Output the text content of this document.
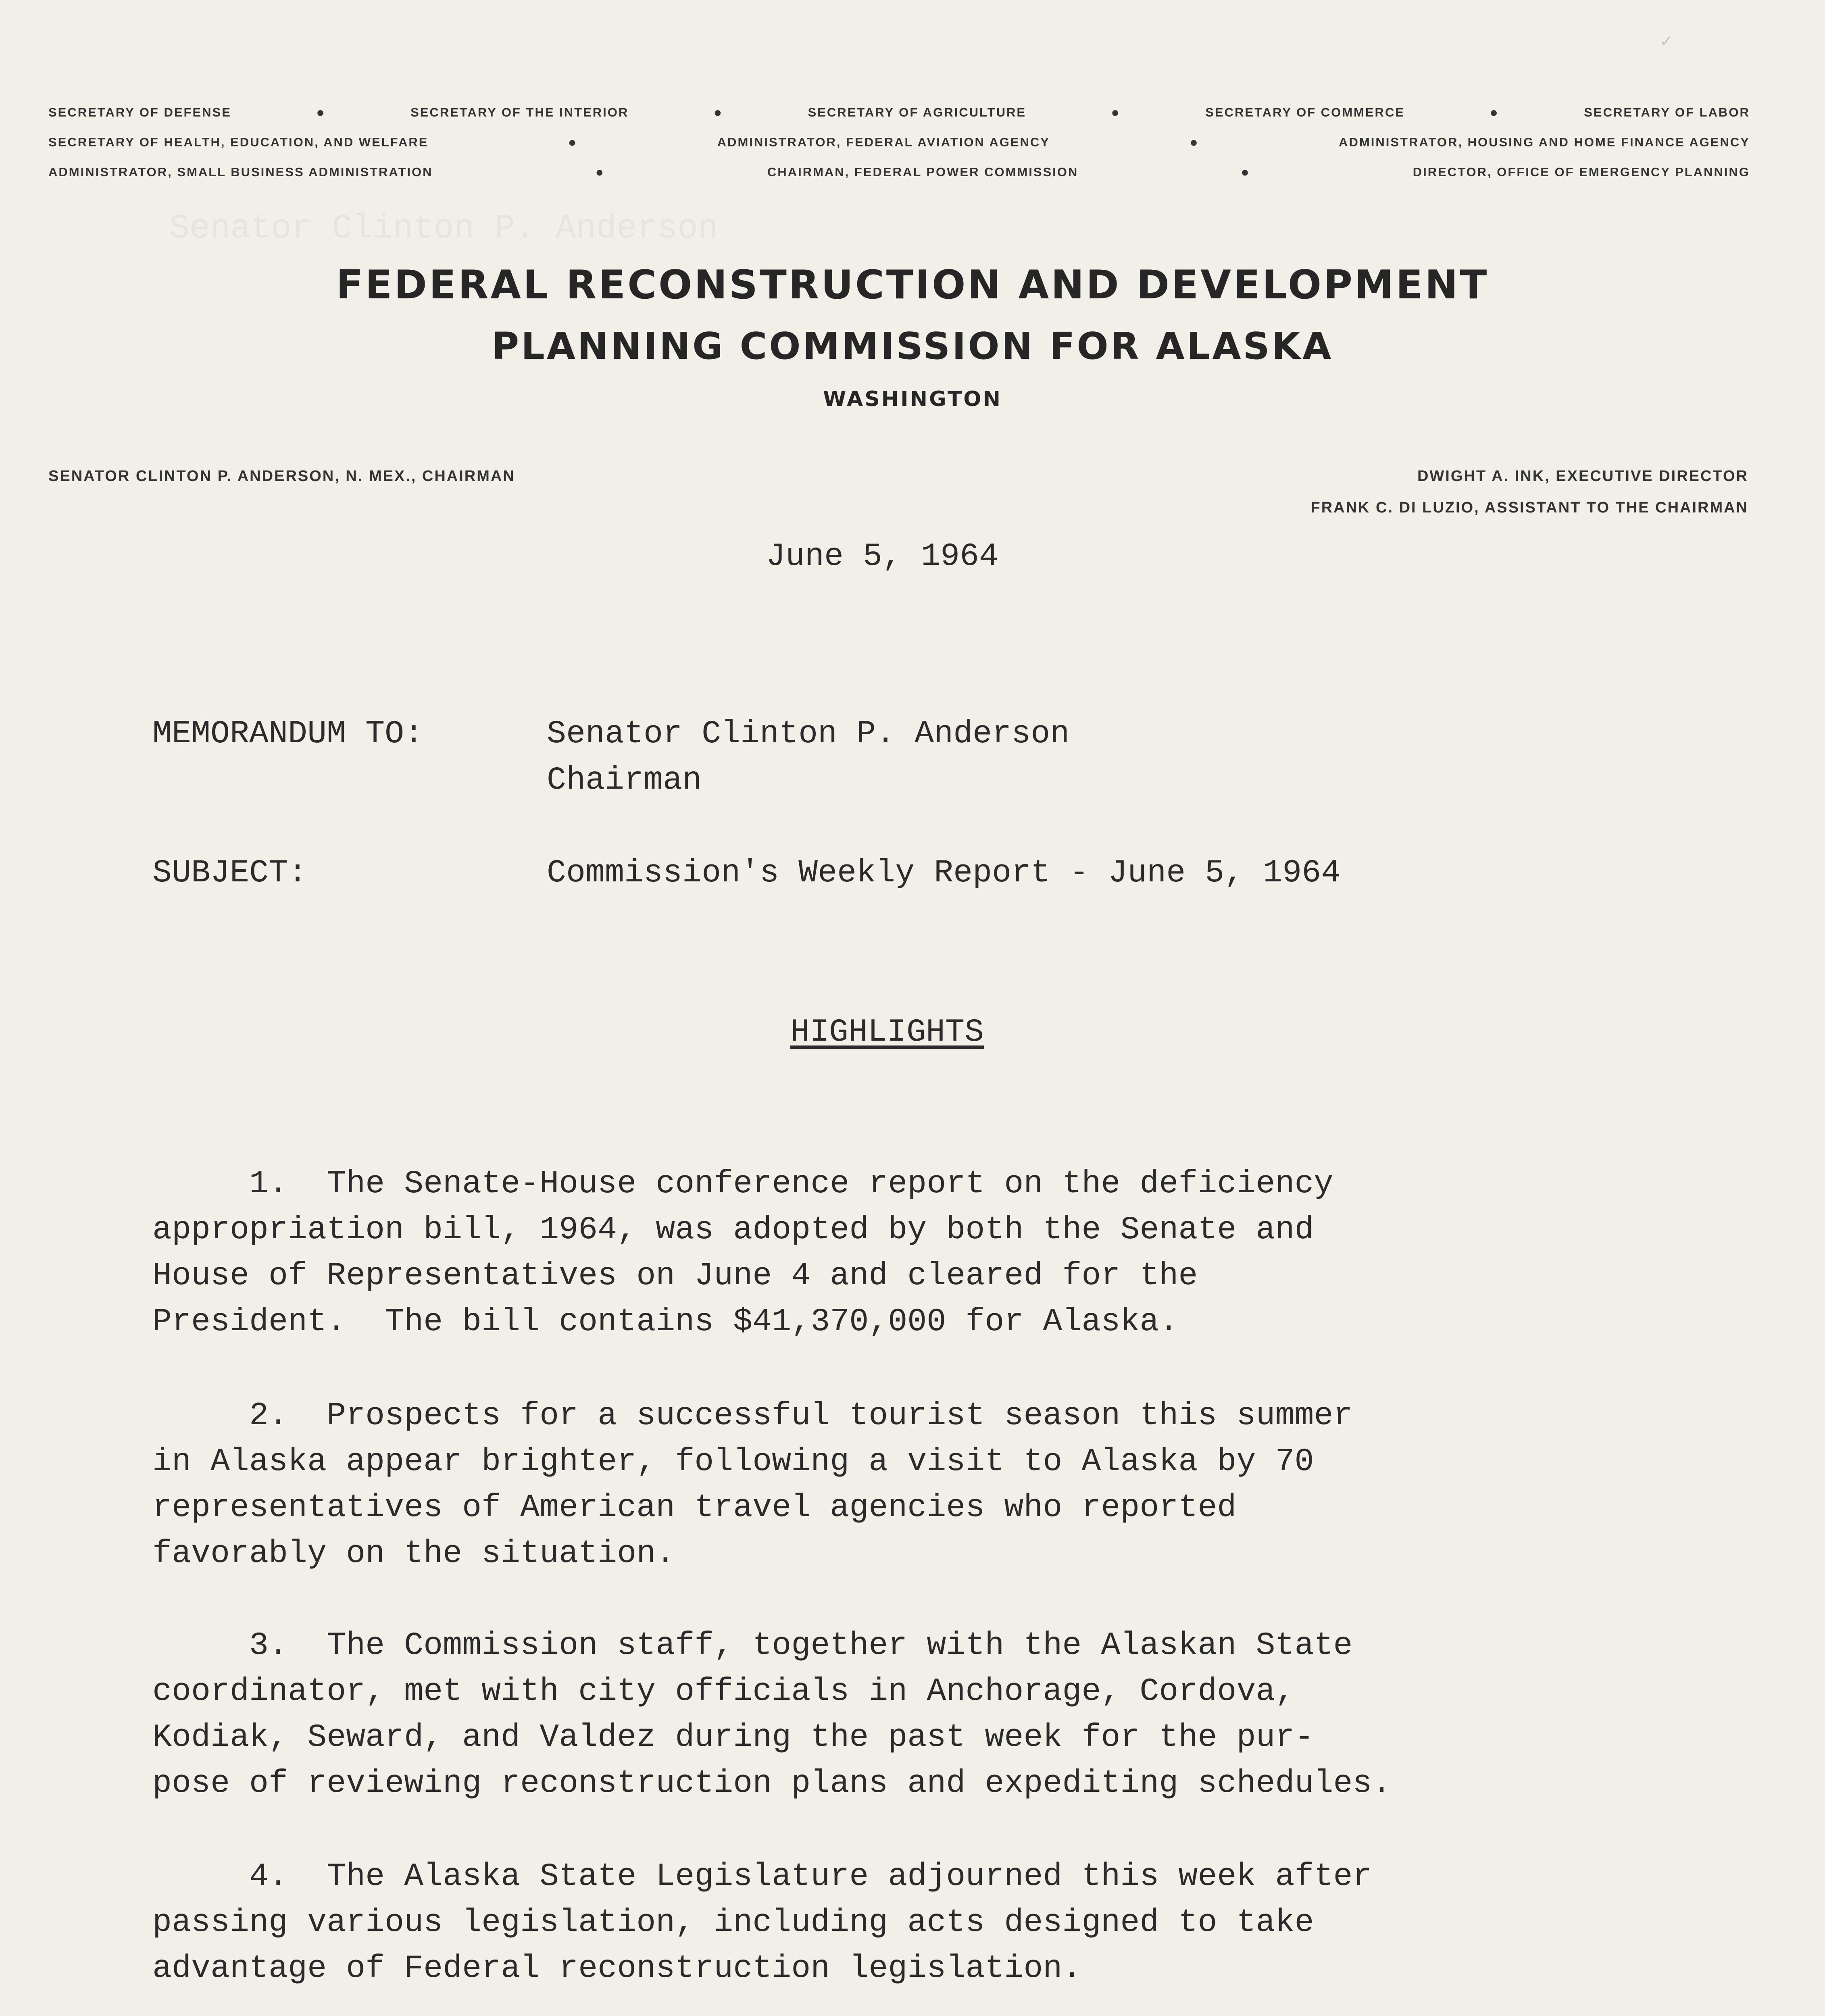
Senator Clinton P. Anderson
✓
SECRETARY OF DEFENSE	●	SECRETARY OF THE INTERIOR	●	SECRETARY OF AGRICULTURE	●	SECRETARY OF COMMERCE	●	SECRETARY OF LABOR
SECRETARY OF HEALTH, EDUCATION, AND WELFARE	●	ADMINISTRATOR, FEDERAL AVIATION AGENCY	●	ADMINISTRATOR, HOUSING AND HOME FINANCE AGENCY
ADMINISTRATOR, SMALL BUSINESS ADMINISTRATION	●	CHAIRMAN, FEDERAL POWER COMMISSION	●	DIRECTOR, OFFICE OF EMERGENCY PLANNING
FEDERAL RECONSTRUCTION AND DEVELOPMENT
PLANNING COMMISSION FOR ALASKA
WASHINGTON
SENATOR CLINTON P. ANDERSON, N. MEX., CHAIRMAN	DWIGHT A. INK, EXECUTIVE DIRECTOR
FRANK C. DI LUZIO, ASSISTANT TO THE CHAIRMAN
June 5, 1964
MEMORANDUM TO:	Senator Clinton P. Anderson
Chairman
SUBJECT:	Commission's Weekly Report - June 5, 1964
HIGHLIGHTS
1.  The Senate-House conference report on the deficiency
appropriation bill, 1964, was adopted by both the Senate and
House of Representatives on June 4 and cleared for the
President.  The bill contains $41,370,000 for Alaska.
2.  Prospects for a successful tourist season this summer
in Alaska appear brighter, following a visit to Alaska by 70
representatives of American travel agencies who reported
favorably on the situation.
3.  The Commission staff, together with the Alaskan State
coordinator, met with city officials in Anchorage, Cordova,
Kodiak, Seward, and Valdez during the past week for the pur-
pose of reviewing reconstruction plans and expediting schedules.
4.  The Alaska State Legislature adjourned this week after
passing various legislation, including acts designed to take
advantage of Federal reconstruction legislation.
